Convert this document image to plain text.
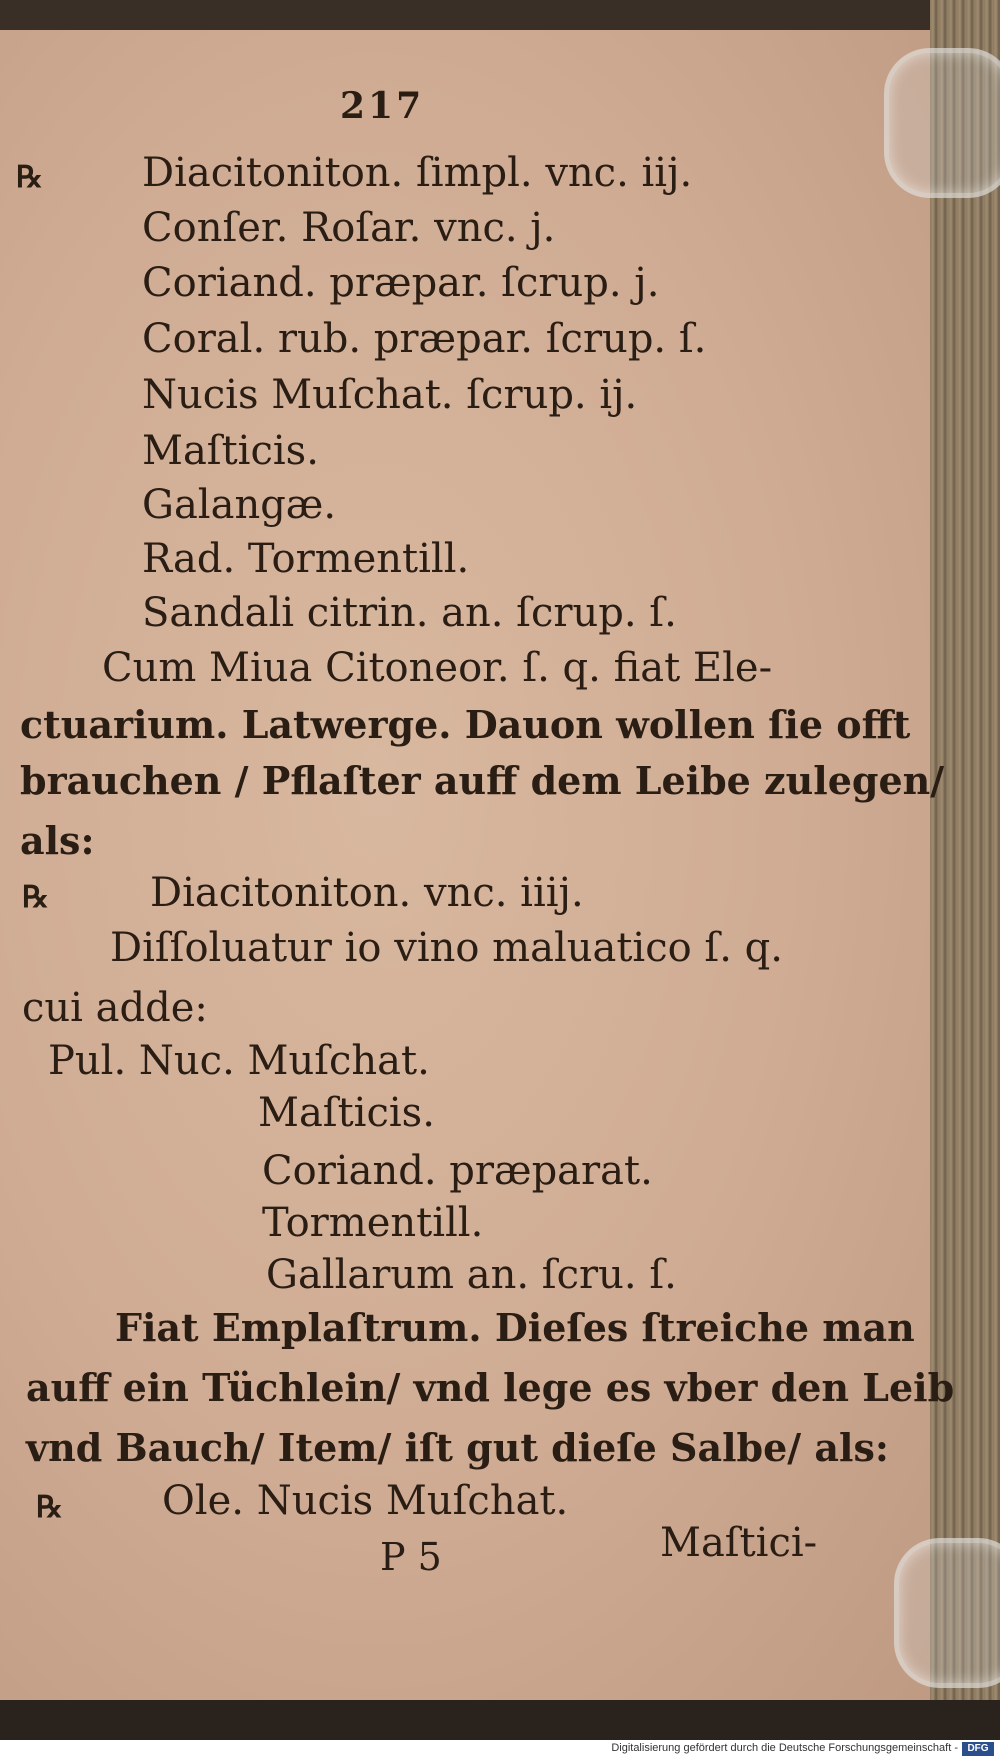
217
℞ Diacitoniton. ſimpl. vnc. iij.
Conſer. Roſar. vnc. j.
Coriand. præpar. ſcrup. j.
Coral. rub. præpar. ſcrup. ſ.
Nucis Muſchat. ſcrup. ij.
Maſticis.
Galangæ.
Rad. Tormentill.
Sandali citrin. an. ſcrup. ſ.
Cum Miua Citoneor. ſ. q. fiat Ele-
ctuarium. Latwerge. Dauon wollen ſie offt
brauchen / Pflaſter auff dem Leibe zulegen/
als:
℞	Diacitoniton. vnc. iiij.
Diſſoluatur io vino maluatico ſ. q.
cui adde:
Pul. Nuc. Muſchat.
Maſticis.
Coriand. præparat.
Tormentill.
Gallarum an. ſcru. ſ.
Fiat Emplaſtrum. Dieſes ſtreiche man
auff ein Tüchlein/ vnd lege es vber den Leib
vnd Bauch/ Item/ iſt gut dieſe Salbe/ als:
℞ Ole. Nucis Muſchat.
P 5	Maſtici-
Digitalisierung gefördert durch die Deutsche Forschungsgemeinschaft - DFG
